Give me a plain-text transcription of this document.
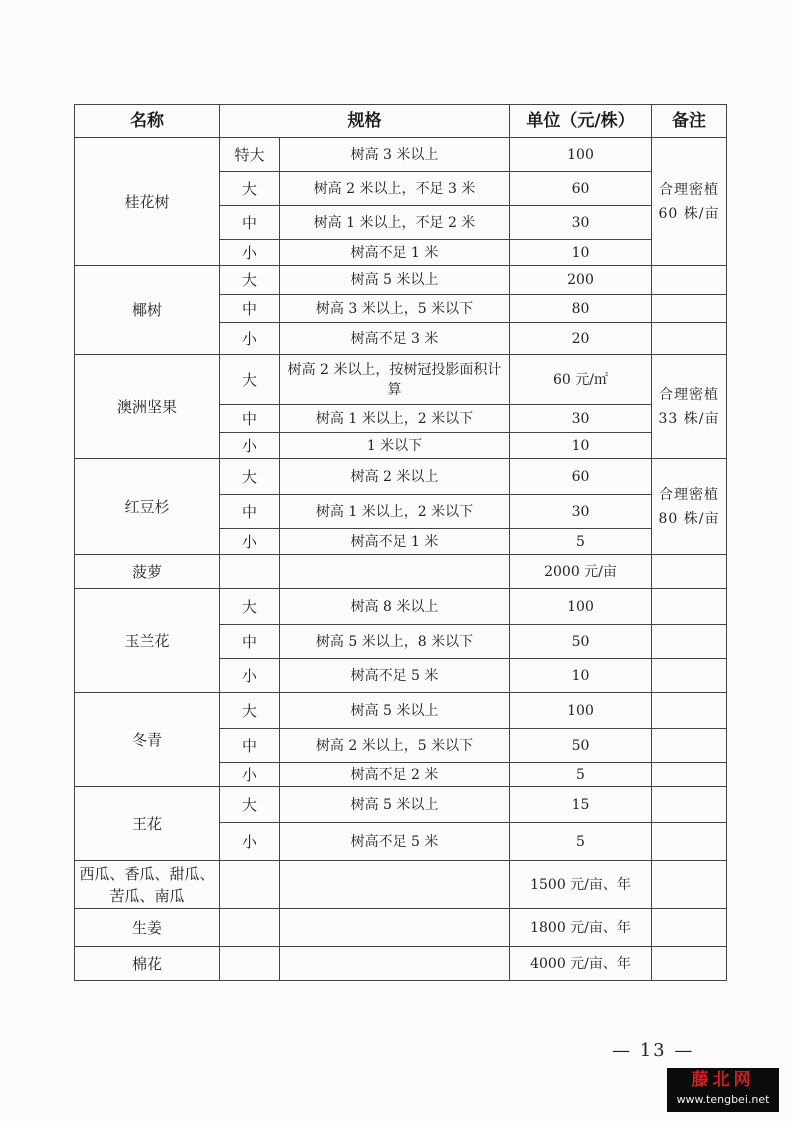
名称	规格		单位（元/株）	备注
桂花树	特大	树高 3 米以上	100	合理密植 60 株/亩
	大	树高 2 米以上，不足 3 米	60	
	中	树高 1 米以上，不足 2 米	30	
	小	树高不足 1 米	10	
椰树	大	树高 5 米以上	200	
	中	树高 3 米以上，5 米以下	80	
	小	树高不足 3 米	20	
澳洲坚果	大	树高 2 米以上，按树冠投影面积计算	60 元/㎡	合理密植 33 株/亩
	中	树高 1 米以上，2 米以下	30	
	小	1 米以下	10	
红豆杉	大	树高 2 米以上	60	合理密植 80 株/亩
	中	树高 1 米以上，2 米以下	30	
	小	树高不足 1 米	5	
菠萝			2000 元/亩	
玉兰花	大	树高 8 米以上	100	
	中	树高 5 米以上，8 米以下	50	
	小	树高不足 5 米	10	
冬青	大	树高 5 米以上	100	
	中	树高 2 米以上，5 米以下	50	
	小	树高不足 2 米	5	
王花	大	树高 5 米以上	15	
	小	树高不足 5 米	5	
西瓜、香瓜、甜瓜、苦瓜、南瓜			1500 元/亩、年	
生姜			1800 元/亩、年	
棉花			4000 元/亩、年	
— 13 —
藤北网
www.tengbei.net
